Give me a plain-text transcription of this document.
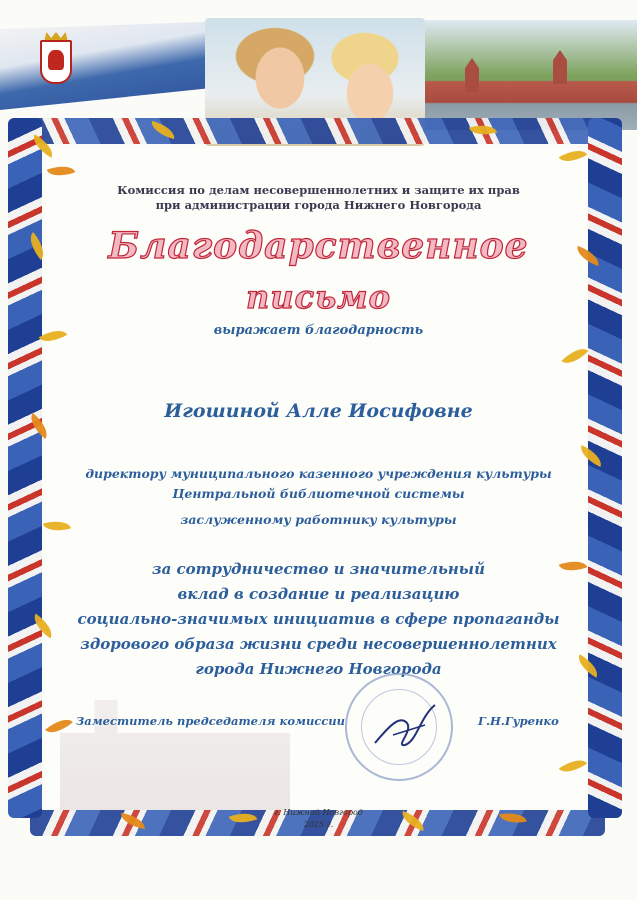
Комиссия по делам несовершеннолетних и защите их прав
при администрации города Нижнего Новгорода
Благодарственное
письмо
выражает благодарность
Игошиной Алле Иосифовне
директору муниципального казенного учреждения культуры
Центральной библиотечной системы
заслуженному работнику культуры
за сотрудничество и значительный
вклад в создание и реализацию
социально-значимых инициатив в сфере пропаганды
здорового образа жизни среди несовершеннолетних
города Нижнего Новгорода
Заместитель председателя комиссии	Г.Н.Гуренко
г. Нижний Новгород
2025 г.
